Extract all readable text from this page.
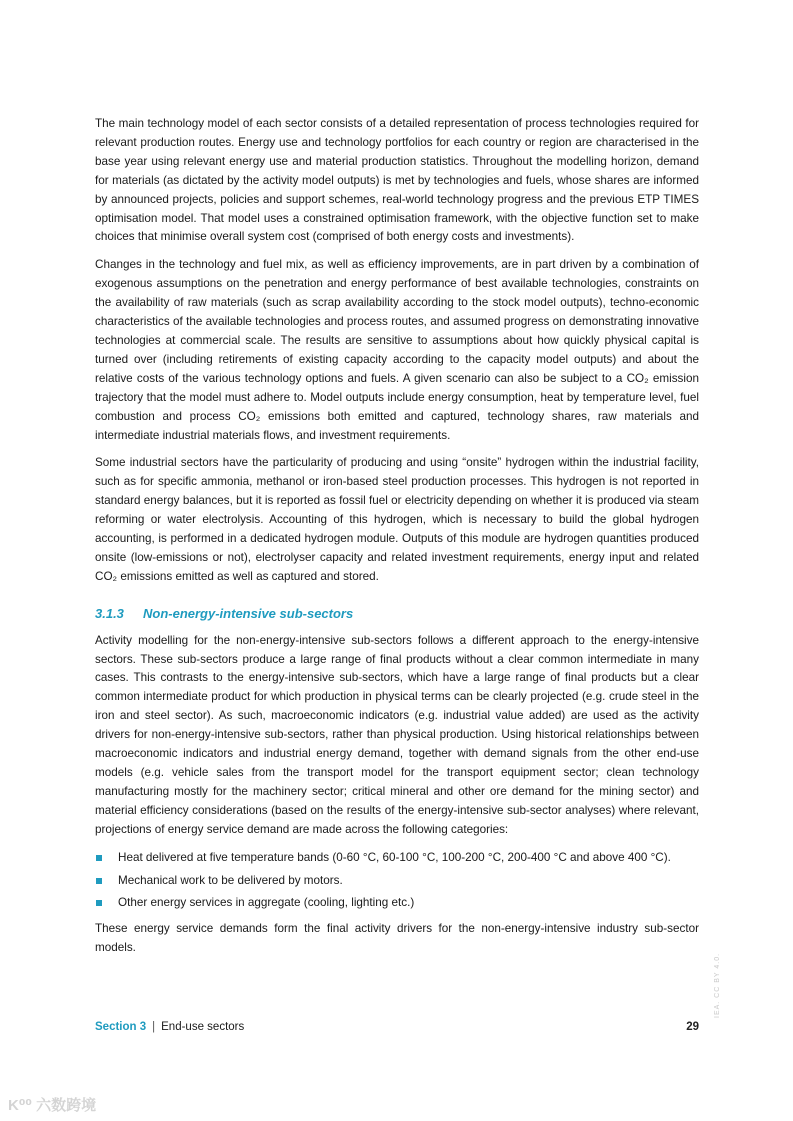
The main technology model of each sector consists of a detailed representation of process technologies required for relevant production routes. Energy use and technology portfolios for each country or region are characterised in the base year using relevant energy use and material production statistics. Throughout the modelling horizon, demand for materials (as dictated by the activity model outputs) is met by technologies and fuels, whose shares are informed by announced projects, policies and support schemes, real-world technology progress and the previous ETP TIMES optimisation model. That model uses a constrained optimisation framework, with the objective function set to make choices that minimise overall system cost (comprised of both energy costs and investments).

Changes in the technology and fuel mix, as well as efficiency improvements, are in part driven by a combination of exogenous assumptions on the penetration and energy performance of best available technologies, constraints on the availability of raw materials (such as scrap availability according to the stock model outputs), techno-economic characteristics of the available technologies and process routes, and assumed progress on demonstrating innovative technologies at commercial scale. The results are sensitive to assumptions about how quickly physical capital is turned over (including retirements of existing capacity according to the capacity model outputs) and about the relative costs of the various technology options and fuels. A given scenario can also be subject to a CO₂ emission trajectory that the model must adhere to. Model outputs include energy consumption, heat by temperature level, fuel combustion and process CO₂ emissions both emitted and captured, technology shares, raw materials and intermediate industrial materials flows, and investment requirements.

Some industrial sectors have the particularity of producing and using “onsite” hydrogen within the industrial facility, such as for specific ammonia, methanol or iron-based steel production processes. This hydrogen is not reported in standard energy balances, but it is reported as fossil fuel or electricity depending on whether it is produced via steam reforming or water electrolysis. Accounting of this hydrogen, which is necessary to build the global hydrogen accounting, is performed in a dedicated hydrogen module. Outputs of this module are hydrogen quantities produced onsite (low-emissions or not), electrolyser capacity and related investment requirements, energy input and related CO₂ emissions emitted as well as captured and stored.

3.1.3 Non-energy-intensive sub-sectors

Activity modelling for the non-energy-intensive sub-sectors follows a different approach to the energy-intensive sectors. These sub-sectors produce a large range of final products without a clear common intermediate in many cases. This contrasts to the energy-intensive sub-sectors, which have a large range of final products but a clear common intermediate product for which production in physical terms can be clearly projected (e.g. crude steel in the iron and steel sector). As such, macroeconomic indicators (e.g. industrial value added) are used as the activity drivers for non-energy-intensive sub-sectors, rather than physical production. Using historical relationships between macroeconomic indicators and industrial energy demand, together with demand signals from the other end-use models (e.g. vehicle sales from the transport model for the transport equipment sector; clean technology manufacturing mostly for the machinery sector; critical mineral and other ore demand for the mining sector) and material efficiency considerations (based on the results of the energy-intensive sub-sector analyses) where relevant, projections of energy service demand are made across the following categories:

Heat delivered at five temperature bands (0-60 °C, 60-100 °C, 100-200 °C, 200-400 °C and above 400 °C).
Mechanical work to be delivered by motors.
Other energy services in aggregate (cooling, lighting etc.)

These energy service demands form the final activity drivers for the non-energy-intensive industry sub-sector models.

Section 3 | End-use sectors	29
IEA. CC BY 4.0.
K⁰⁰ 六数跨境
